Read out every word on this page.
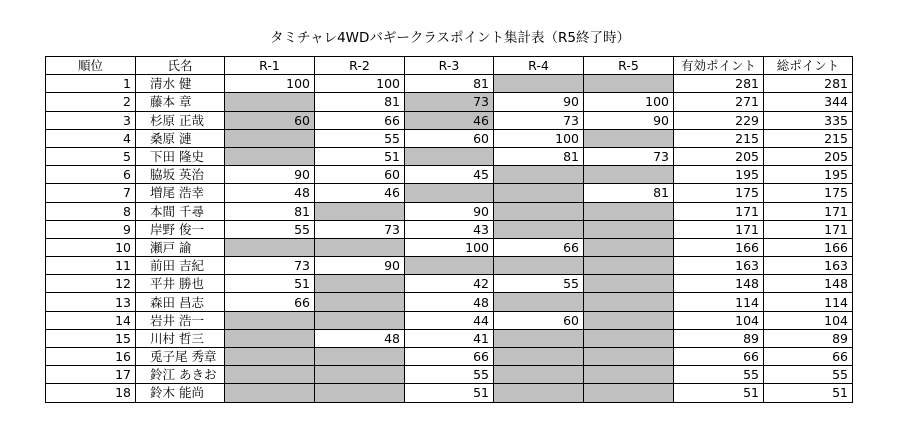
タミチャレ4WDバギークラスポイント集計表（R5終了時）
順位	氏名	R-1	R-2	R-3	R-4	R-5	有効ポイント	総ポイント
1	清水 健	100	100	81			281	281
2	藤本 章		81	73	90	100	271	344
3	杉原 正哉	60	66	46	73	90	229	335
4	桑原 漣		55	60	100		215	215
5	下田 隆史		51		81	73	205	205
6	脇坂 英治	90	60	45			195	195
7	増尾 浩幸	48	46			81	175	175
8	本間 千尋	81		90			171	171
9	岸野 俊一	55	73	43			171	171
10	瀬戸 諭			100	66		166	166
11	前田 吉紀	73	90				163	163
12	平井 勝也	51		42	55		148	148
13	森田 昌志	66		48			114	114
14	岩井 浩一			44	60		104	104
15	川村 哲三		48	41			89	89
16	兎子尾 秀章			66			66	66
17	鈴江 あきお			55			55	55
18	鈴木 能尚			51			51	51
